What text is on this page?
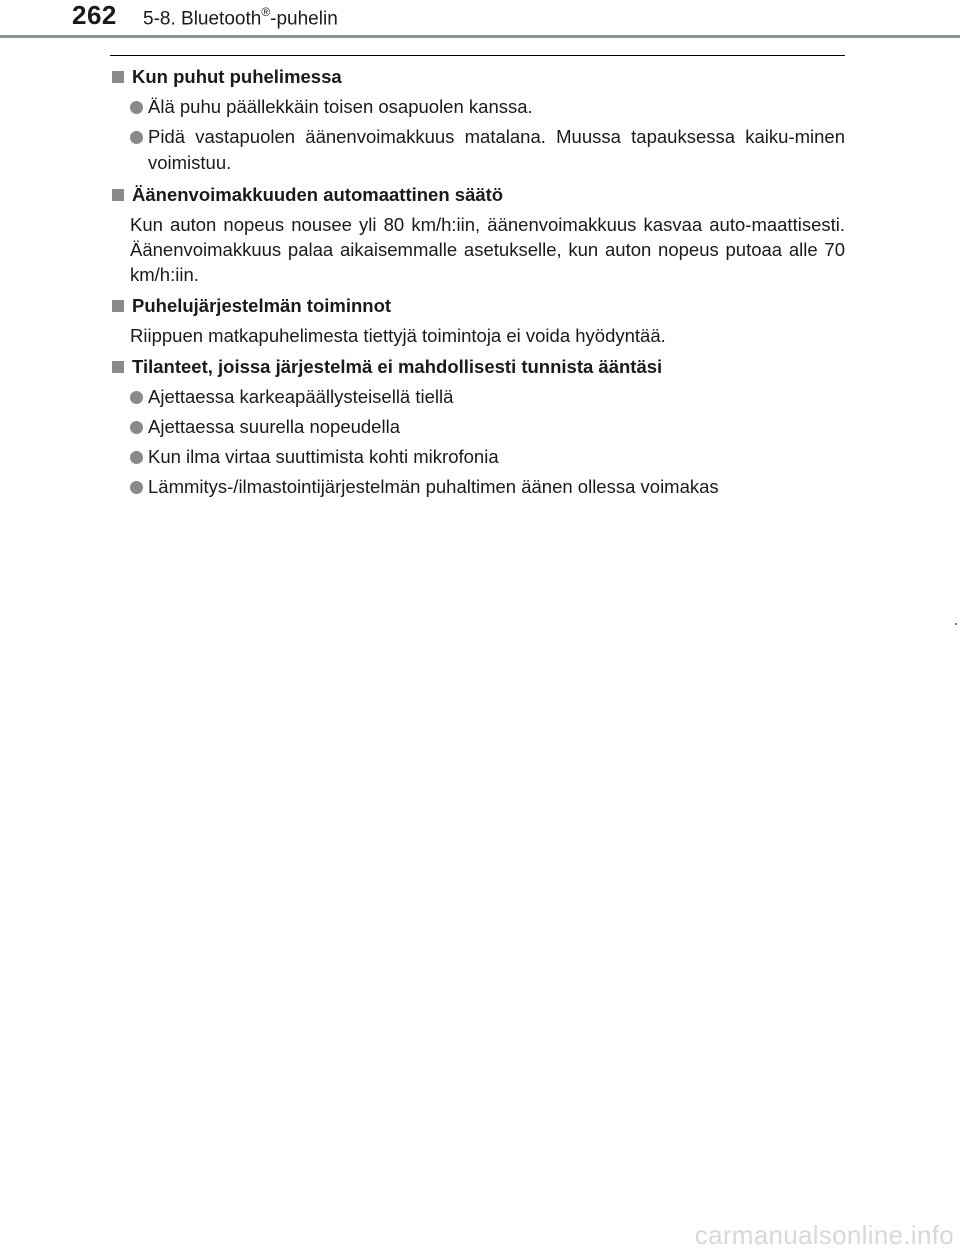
262 5-8. Bluetooth®-puhelin
Kun puhut puhelimessa
Älä puhu päällekkäin toisen osapuolen kanssa.
Pidä vastapuolen äänenvoimakkuus matalana. Muussa tapauksessa kaiku-minen voimistuu.
Äänenvoimakkuuden automaattinen säätö
Kun auton nopeus nousee yli 80 km/h:iin, äänenvoimakkuus kasvaa auto-maattisesti. Äänenvoimakkuus palaa aikaisemmalle asetukselle, kun auton nopeus putoaa alle 70 km/h:iin.
Puhelujärjestelmän toiminnot
Riippuen matkapuhelimesta tiettyjä toimintoja ei voida hyödyntää.
Tilanteet, joissa järjestelmä ei mahdollisesti tunnista ääntäsi
Ajettaessa karkeapäällysteisellä tiellä
Ajettaessa suurella nopeudella
Kun ilma virtaa suuttimista kohti mikrofonia
Lämmitys-/ilmastointijärjestelmän puhaltimen äänen ollessa voimakas
carmanualsonline.info
